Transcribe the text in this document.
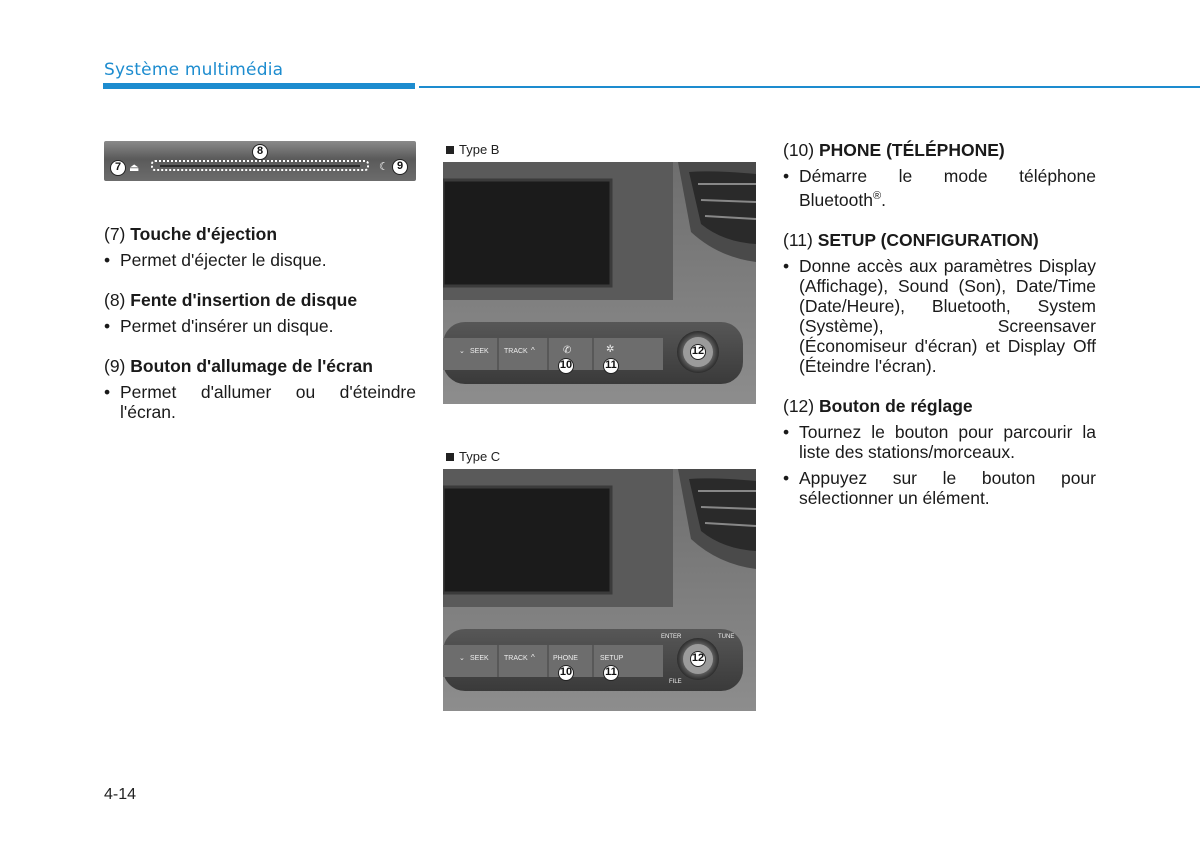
Système multimédia
7 ⏏
8
☾ 9

(7) Touche d'éjection

• Permet d'éjecter le disque.

(8) Fente d'insertion de disque

• Permet d'insérer un disque.

(9) Bouton d'allumage de l'écran

• Permet d'allumer ou d'éteindre l'écran.
Type B
⌄ SEEK TRACK ^	✆	✲
10	11
12
Type C
⌄ SEEK TRACK ^	PHONE	SETUP
ENTER	TUNE
FILE
10	11
12

(10) PHONE (TÉLÉPHONE)

• Démarre le mode téléphone Bluetooth®.

(11) SETUP (CONFIGURATION)

• Donne accès aux paramètres Display (Affichage), Sound (Son), Date/Time (Date/Heure), Bluetooth, System (Système), Screensaver (Économiseur d'écran) et Display Off (Éteindre l'écran).

(12) Bouton de réglage

• Tournez le bouton pour parcourir la liste des stations/morceaux.
• Appuyez sur le bouton pour sélectionner un élément.
4-14
